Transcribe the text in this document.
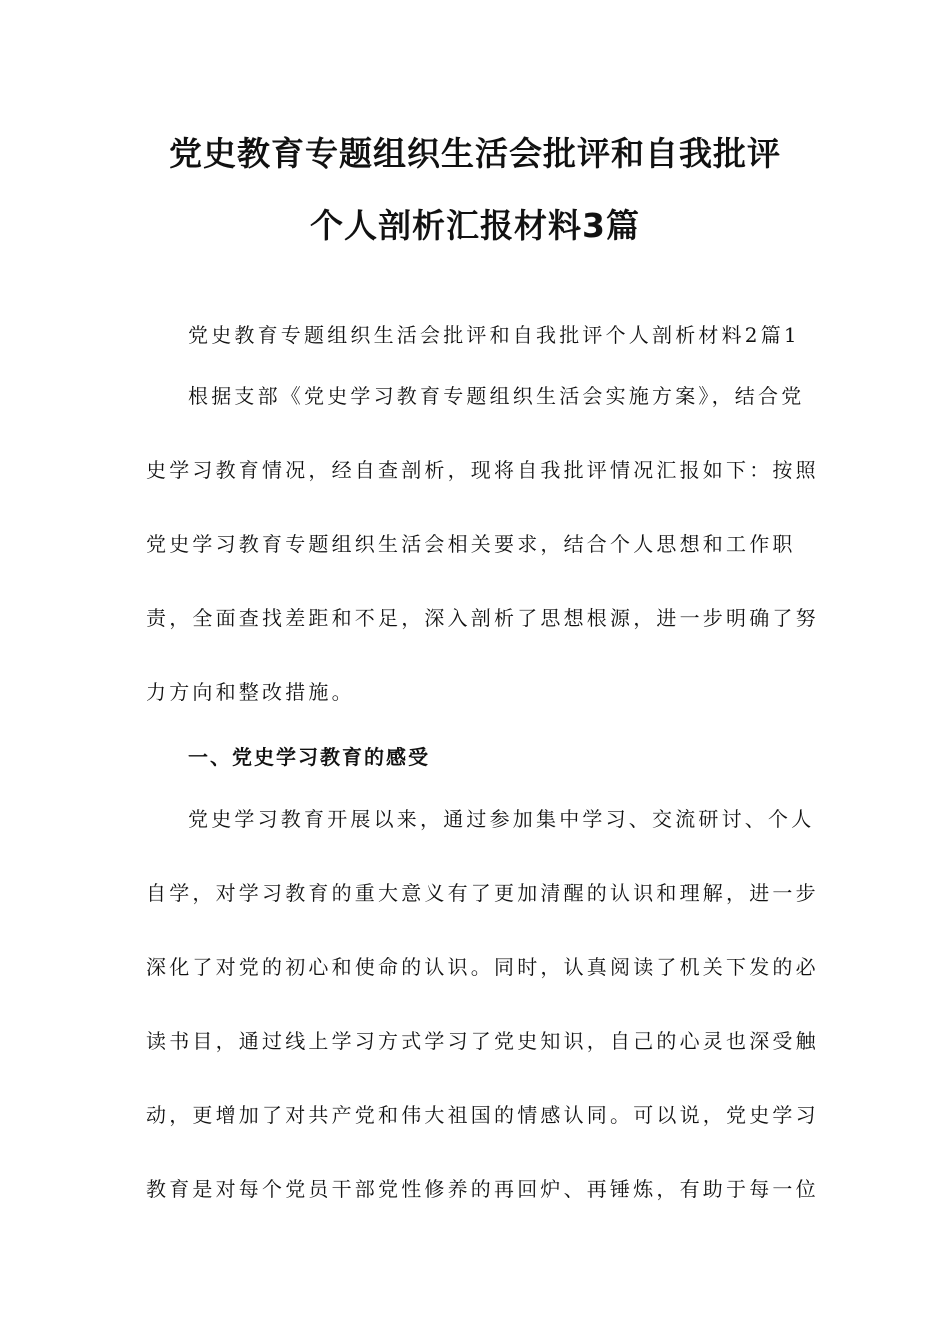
党史教育专题组织生活会批评和自我批评
个人剖析汇报材料3篇
党史教育专题组织生活会批评和自我批评个人剖析材料2篇1
根据支部《党史学习教育专题组织生活会实施方案》，结合党
史学习教育情况，经自查剖析，现将自我批评情况汇报如下：按照
党史学习教育专题组织生活会相关要求，结合个人思想和工作职
责，全面查找差距和不足，深入剖析了思想根源，进一步明确了努
力方向和整改措施。
一、党史学习教育的感受
党史学习教育开展以来，通过参加集中学习、交流研讨、个人
自学，对学习教育的重大意义有了更加清醒的认识和理解，进一步
深化了对党的初心和使命的认识。同时，认真阅读了机关下发的必
读书目，通过线上学习方式学习了党史知识，自己的心灵也深受触
动，更增加了对共产党和伟大祖国的情感认同。可以说，党史学习
教育是对每个党员干部党性修养的再回炉、再锤炼，有助于每一位
